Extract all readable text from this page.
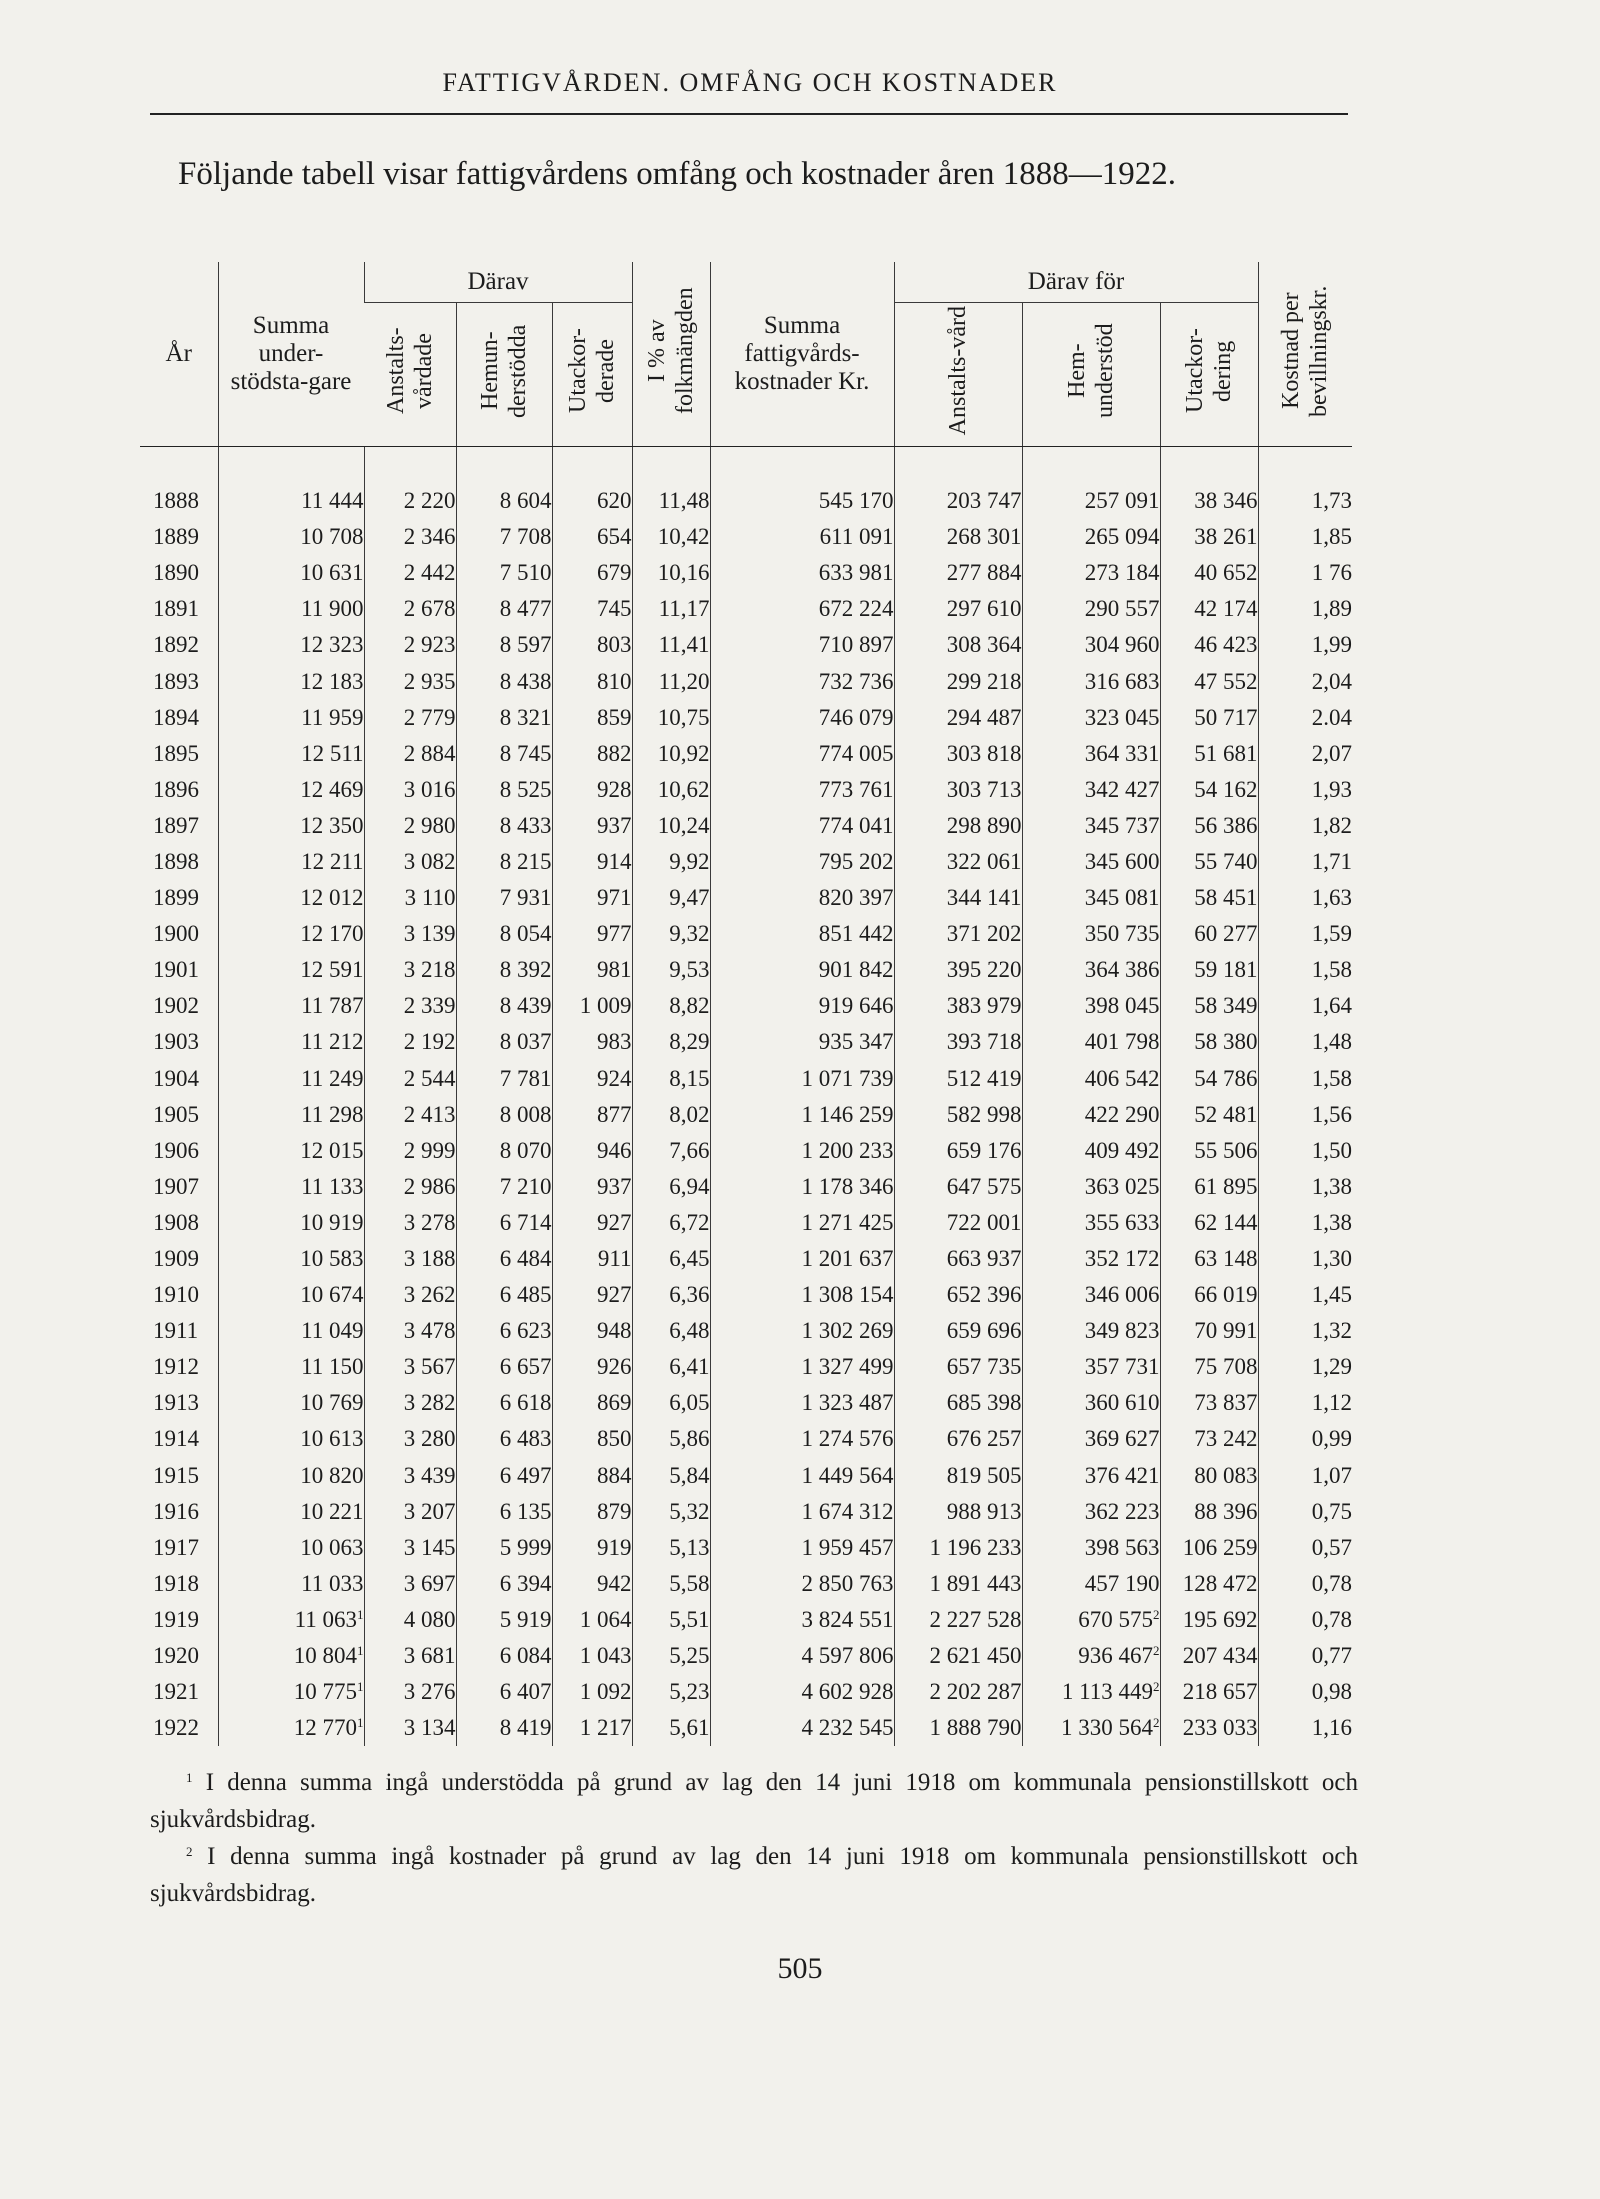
FATTIGVÅRDEN. OMFÅNG OCH KOSTNADER
Följande tabell visar fattigvårdens omfång och kostnader åren 1888—1922.
År	Summa under-stödsta-gare	Därav			I % av folkmängden	Summa fattigvårds-kostnader Kr.	Därav för			Kostnad per bevillningskr.
		Anstalts-vårdade	Hemun-derstödda	Utackor-derade			Anstalts-vård	Hem-understöd	Utackor-dering	

1888	11 444	2 220	8 604	620	11,48	545 170	203 747	257 091	38 346	1,73
1889	10 708	2 346	7 708	654	10,42	611 091	268 301	265 094	38 261	1,85
1890	10 631	2 442	7 510	679	10,16	633 981	277 884	273 184	40 652	1 76
1891	11 900	2 678	8 477	745	11,17	672 224	297 610	290 557	42 174	1,89
1892	12 323	2 923	8 597	803	11,41	710 897	308 364	304 960	46 423	1,99
1893	12 183	2 935	8 438	810	11,20	732 736	299 218	316 683	47 552	2,04
1894	11 959	2 779	8 321	859	10,75	746 079	294 487	323 045	50 717	2.04
1895	12 511	2 884	8 745	882	10,92	774 005	303 818	364 331	51 681	2,07
1896	12 469	3 016	8 525	928	10,62	773 761	303 713	342 427	54 162	1,93
1897	12 350	2 980	8 433	937	10,24	774 041	298 890	345 737	56 386	1,82
1898	12 211	3 082	8 215	914	9,92	795 202	322 061	345 600	55 740	1,71
1899	12 012	3 110	7 931	971	9,47	820 397	344 141	345 081	58 451	1,63
1900	12 170	3 139	8 054	977	9,32	851 442	371 202	350 735	60 277	1,59
1901	12 591	3 218	8 392	981	9,53	901 842	395 220	364 386	59 181	1,58
1902	11 787	2 339	8 439	1 009	8,82	919 646	383 979	398 045	58 349	1,64
1903	11 212	2 192	8 037	983	8,29	935 347	393 718	401 798	58 380	1,48
1904	11 249	2 544	7 781	924	8,15	1 071 739	512 419	406 542	54 786	1,58
1905	11 298	2 413	8 008	877	8,02	1 146 259	582 998	422 290	52 481	1,56
1906	12 015	2 999	8 070	946	7,66	1 200 233	659 176	409 492	55 506	1,50
1907	11 133	2 986	7 210	937	6,94	1 178 346	647 575	363 025	61 895	1,38
1908	10 919	3 278	6 714	927	6,72	1 271 425	722 001	355 633	62 144	1,38
1909	10 583	3 188	6 484	911	6,45	1 201 637	663 937	352 172	63 148	1,30
1910	10 674	3 262	6 485	927	6,36	1 308 154	652 396	346 006	66 019	1,45
1911	11 049	3 478	6 623	948	6,48	1 302 269	659 696	349 823	70 991	1,32
1912	11 150	3 567	6 657	926	6,41	1 327 499	657 735	357 731	75 708	1,29
1913	10 769	3 282	6 618	869	6,05	1 323 487	685 398	360 610	73 837	1,12
1914	10 613	3 280	6 483	850	5,86	1 274 576	676 257	369 627	73 242	0,99
1915	10 820	3 439	6 497	884	5,84	1 449 564	819 505	376 421	80 083	1,07
1916	10 221	3 207	6 135	879	5,32	1 674 312	988 913	362 223	88 396	0,75
1917	10 063	3 145	5 999	919	5,13	1 959 457	1 196 233	398 563	106 259	0,57
1918	11 033	3 697	6 394	942	5,58	2 850 763	1 891 443	457 190	128 472	0,78
1919	11 $063^1$	4 080	5 919	1 064	5,51	3 824 551	2 227 528	670 $575^2$	195 692	0,78
1920	10 $804^1$	3 681	6 084	1 043	5,25	4 597 806	2 621 450	936 $467^2$	207 434	0,77
1921	10 $775^1$	3 276	6 407	1 092	5,23	4 602 928	2 202 287	1 113 $449^2$	218 657	0,98
1922	12 $770^1$	3 134	8 419	1 217	5,61	4 232 545	1 888 790	1 330 $564^2$	233 033	1,16
$^1$ I denna summa ingå understödda på grund av lag den 14 juni 1918 om kommunala pensionstillskott och sjukvårdsbidrag.
$^2$ I denna summa ingå kostnader på grund av lag den 14 juni 1918 om kommunala pensionstillskott och sjukvårdsbidrag.
505
